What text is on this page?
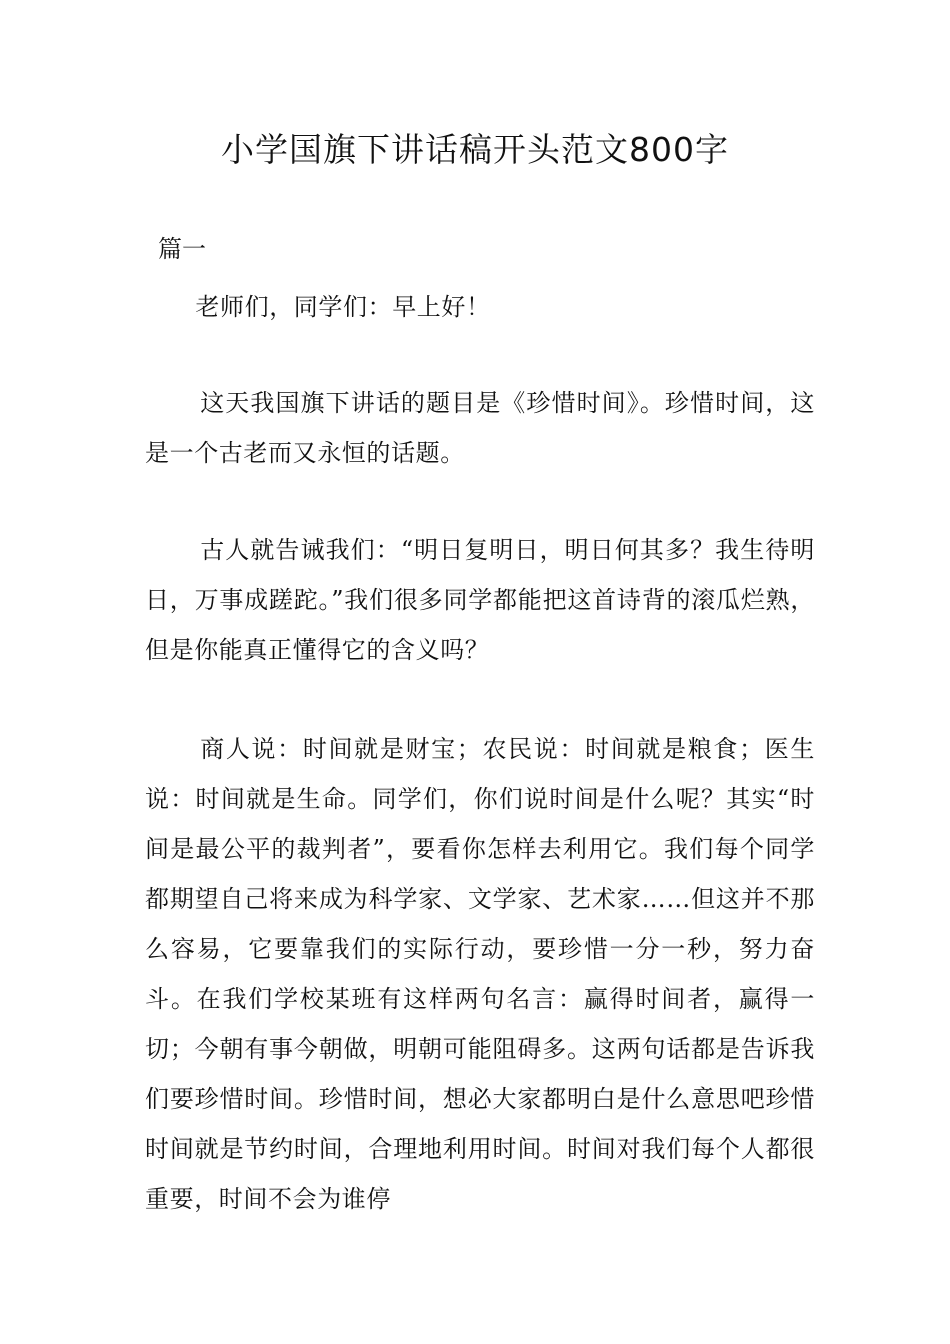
小学国旗下讲话稿开头范文800字

篇一

老师们，同学们：早上好！

这天我国旗下讲话的题目是《珍惜时间》。珍惜时间，这是一个古老而又永恒的话题。

古人就告诫我们：“明日复明日，明日何其多？我生待明日，万事成蹉跎。”我们很多同学都能把这首诗背的滚瓜烂熟，但是你能真正懂得它的含义吗？

商人说：时间就是财宝；农民说：时间就是粮食；医生说：时间就是生命。同学们，你们说时间是什么呢？其实“时间是最公平的裁判者”，要看你怎样去利用它。我们每个同学都期望自己将来成为科学家、文学家、艺术家……但这并不那么容易，它要靠我们的实际行动，要珍惜一分一秒，努力奋斗。在我们学校某班有这样两句名言：赢得时间者，赢得一切；今朝有事今朝做，明朝可能阻碍多。这两句话都是告诉我们要珍惜时间。珍惜时间，想必大家都明白是什么意思吧珍惜时间就是节约时间，合理地利用时间。时间对我们每个人都很重要，时间不会为谁停
